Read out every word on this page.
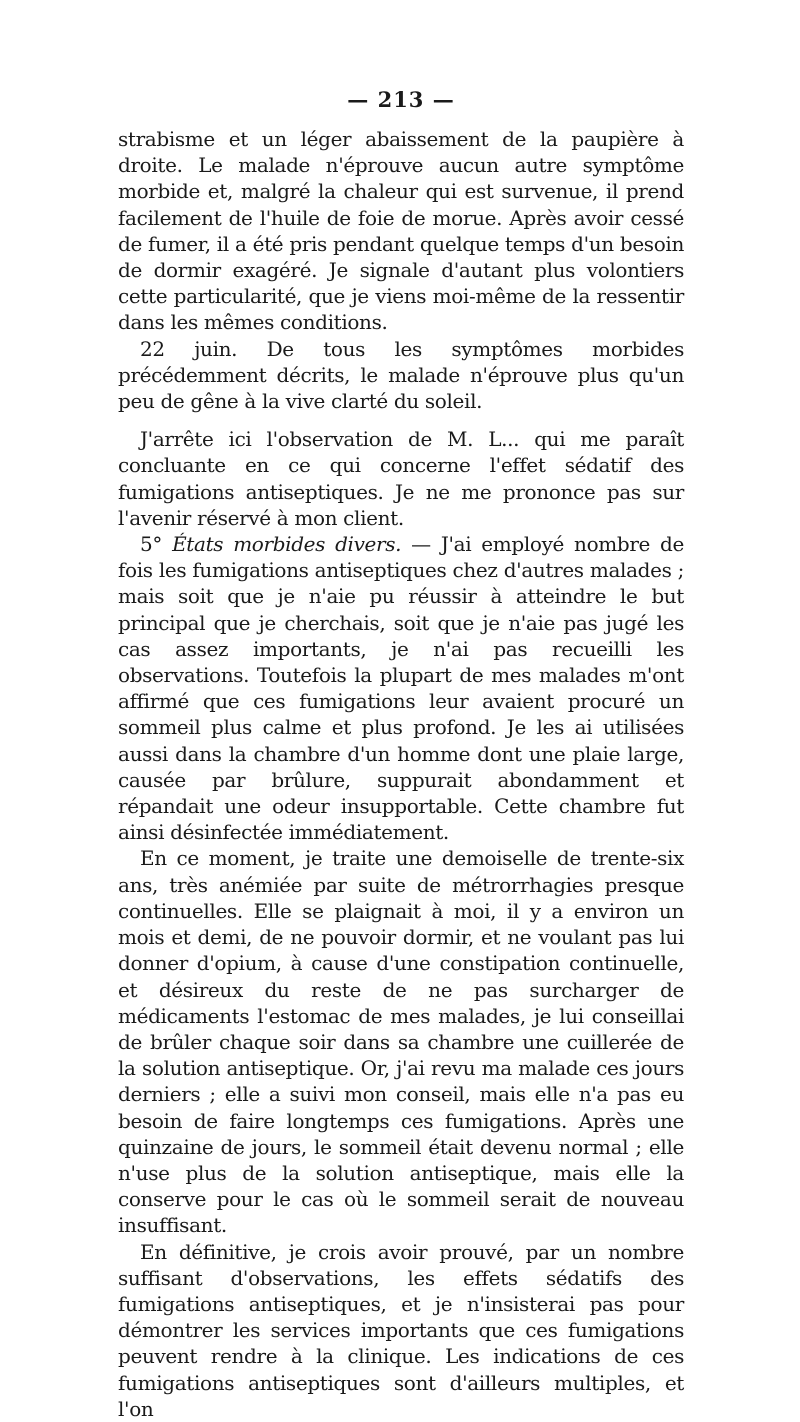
— 213 —

strabisme et un léger abaissement de la paupière à droite. Le malade n'éprouve aucun autre symptôme morbide et, malgré la chaleur qui est survenue, il prend facilement de l'huile de foie de morue. Après avoir cessé de fumer, il a été pris pendant quelque temps d'un besoin de dormir exagéré. Je signale d'autant plus volontiers cette particularité, que je viens moi-même de la ressentir dans les mêmes conditions.

22 juin. De tous les symptômes morbides précédemment décrits, le malade n'éprouve plus qu'un peu de gêne à la vive clarté du soleil.

J'arrête ici l'observation de M. L... qui me paraît concluante en ce qui concerne l'effet sédatif des fumigations antiseptiques. Je ne me prononce pas sur l'avenir réservé à mon client.

5° États morbides divers. — J'ai employé nombre de fois les fumigations antiseptiques chez d'autres malades ; mais soit que je n'aie pu réussir à atteindre le but principal que je cherchais, soit que je n'aie pas jugé les cas assez importants, je n'ai pas recueilli les observations. Toutefois la plupart de mes malades m'ont affirmé que ces fumigations leur avaient procuré un sommeil plus calme et plus profond. Je les ai utilisées aussi dans la chambre d'un homme dont une plaie large, causée par brûlure, suppurait abondamment et répandait une odeur insupportable. Cette chambre fut ainsi désinfectée immédiatement.

En ce moment, je traite une demoiselle de trente-six ans, très anémiée par suite de métrorrhagies presque continuelles. Elle se plaignait à moi, il y a environ un mois et demi, de ne pouvoir dormir, et ne voulant pas lui donner d'opium, à cause d'une constipation continuelle, et désireux du reste de ne pas surcharger de médicaments l'estomac de mes malades, je lui conseillai de brûler chaque soir dans sa chambre une cuillerée de la solution antiseptique. Or, j'ai revu ma malade ces jours derniers ; elle a suivi mon conseil, mais elle n'a pas eu besoin de faire longtemps ces fumigations. Après une quinzaine de jours, le sommeil était devenu normal ; elle n'use plus de la solution antiseptique, mais elle la conserve pour le cas où le sommeil serait de nouveau insuffisant.

En définitive, je crois avoir prouvé, par un nombre suffisant d'observations, les effets sédatifs des fumigations antiseptiques, et je n'insisterai pas pour démontrer les services importants que ces fumigations peuvent rendre à la clinique. Les indications de ces fumigations antiseptiques sont d'ailleurs multiples, et l'on
